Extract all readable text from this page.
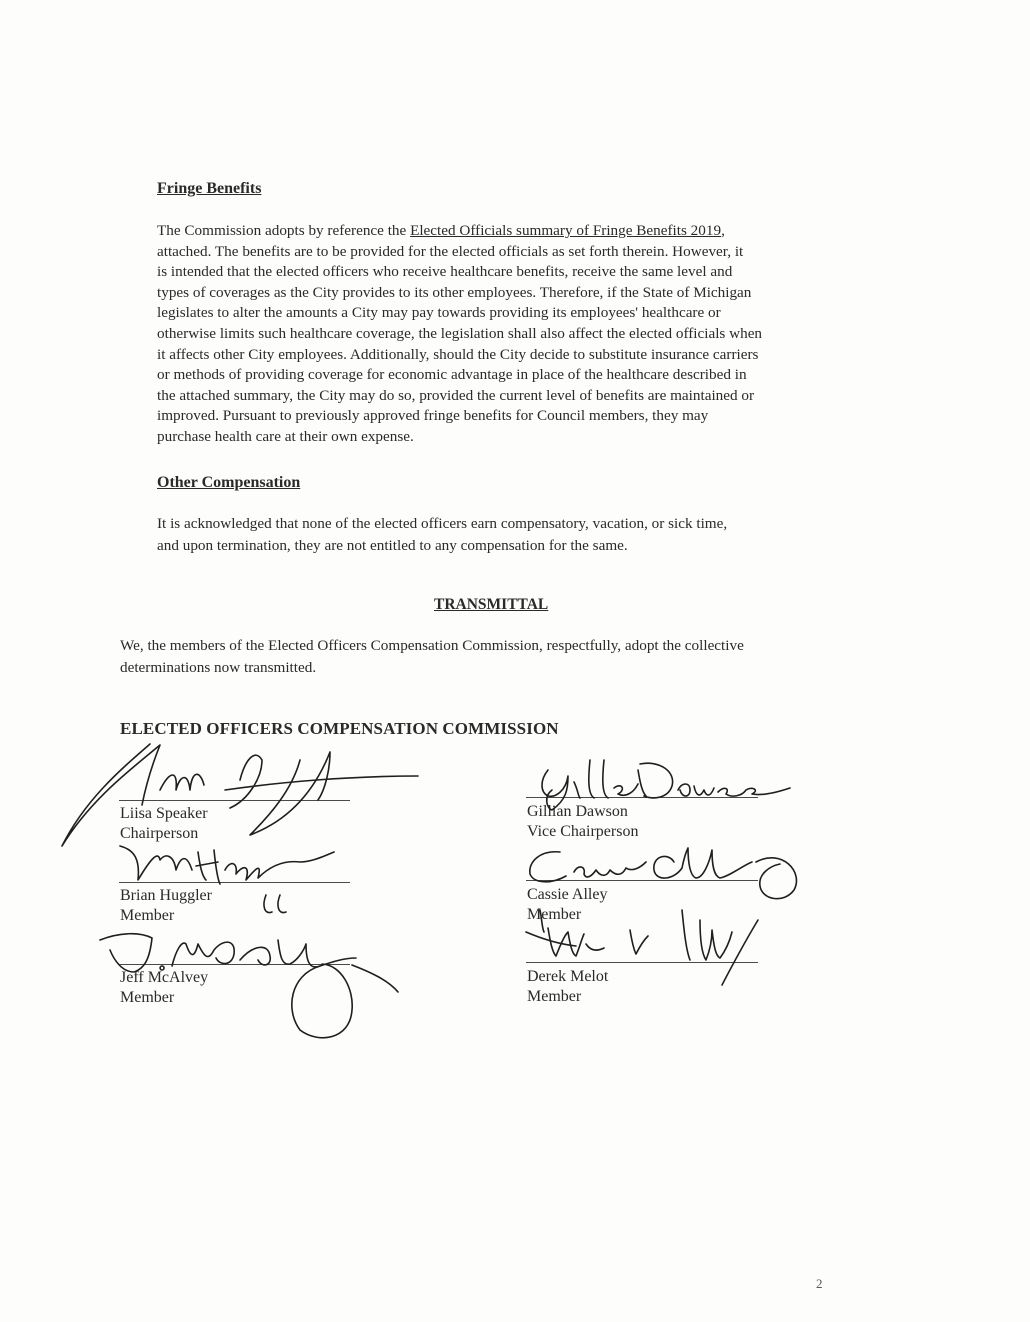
Fringe Benefits
The Commission adopts by reference the Elected Officials summary of Fringe Benefits 2019,
attached. The benefits are to be provided for the elected officials as set forth therein. However, it
is intended that the elected officers who receive healthcare benefits, receive the same level and
types of coverages as the City provides to its other employees. Therefore, if the State of Michigan
legislates to alter the amounts a City may pay towards providing its employees' healthcare or
otherwise limits such healthcare coverage, the legislation shall also affect the elected officials when
it affects other City employees. Additionally, should the City decide to substitute insurance carriers
or methods of providing coverage for economic advantage in place of the healthcare described in
the attached summary, the City may do so, provided the current level of benefits are maintained or
improved. Pursuant to previously approved fringe benefits for Council members, they may
purchase health care at their own expense.
Other Compensation
It is acknowledged that none of the elected officers earn compensatory, vacation, or sick time,
and upon termination, they are not entitled to any compensation for the same.
TRANSMITTAL
We, the members of the Elected Officers Compensation Commission, respectfully, adopt the collective
determinations now transmitted.
ELECTED OFFICERS COMPENSATION COMMISSION
Liisa Speaker
Chairperson
Brian Huggler
Member
Jeff McAlvey
Member
Gillian Dawson
Vice Chairperson
Cassie Alley
Member
Derek Melot
Member
2
